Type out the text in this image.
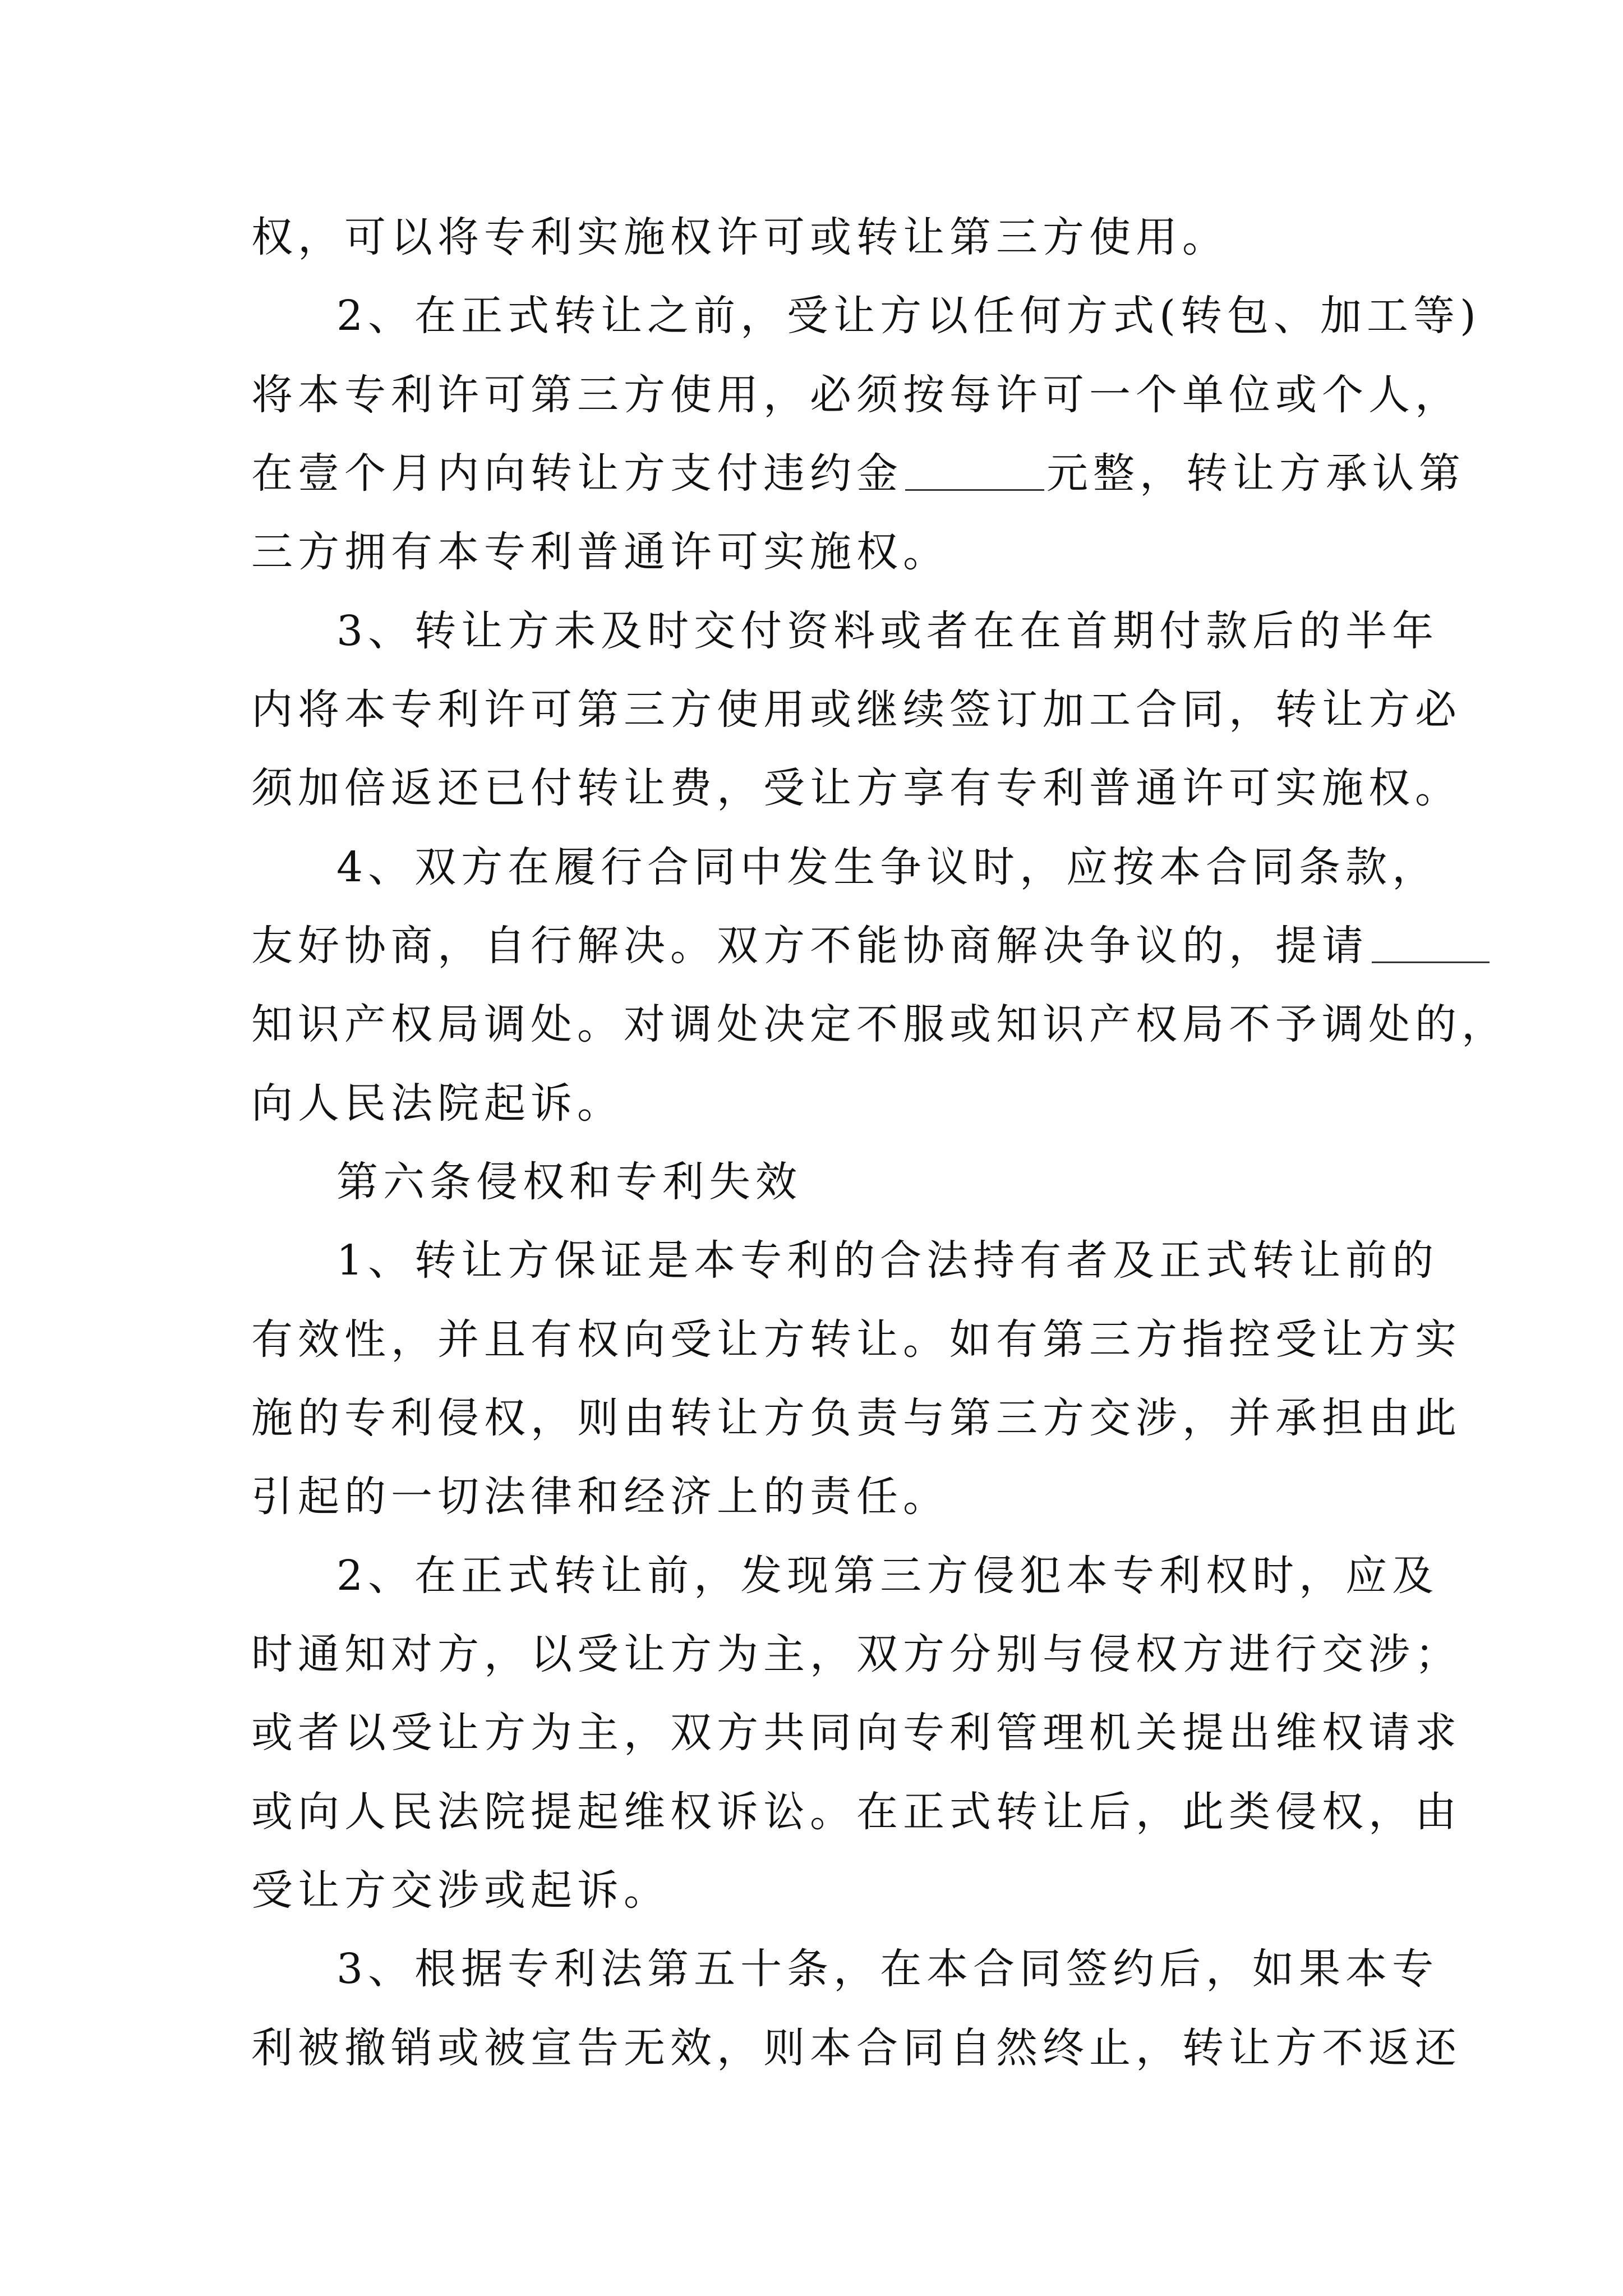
权，可以将专利实施权许可或转让第三方使用。
2、在正式转让之前，受让方以任何方式(转包、加工等)
将本专利许可第三方使用，必须按每许可一个单位或个人，
在壹个月内向转让方支付违约金	元整，转让方承认第
三方拥有本专利普通许可实施权。
3、转让方未及时交付资料或者在在首期付款后的半年
内将本专利许可第三方使用或继续签订加工合同，转让方必
须加倍返还已付转让费，受让方享有专利普通许可实施权。
4、双方在履行合同中发生争议时，应按本合同条款，
友好协商，自行解决。双方不能协商解决争议的，提请
知识产权局调处。对调处决定不服或知识产权局不予调处的，
向人民法院起诉。
第六条侵权和专利失效
1、转让方保证是本专利的合法持有者及正式转让前的
有效性，并且有权向受让方转让。如有第三方指控受让方实
施的专利侵权，则由转让方负责与第三方交涉，并承担由此
引起的一切法律和经济上的责任。
2、在正式转让前，发现第三方侵犯本专利权时，应及
时通知对方，以受让方为主，双方分别与侵权方进行交涉；
或者以受让方为主，双方共同向专利管理机关提出维权请求
或向人民法院提起维权诉讼。在正式转让后，此类侵权，由
受让方交涉或起诉。
3、根据专利法第五十条，在本合同签约后，如果本专
利被撤销或被宣告无效，则本合同自然终止，转让方不返还
